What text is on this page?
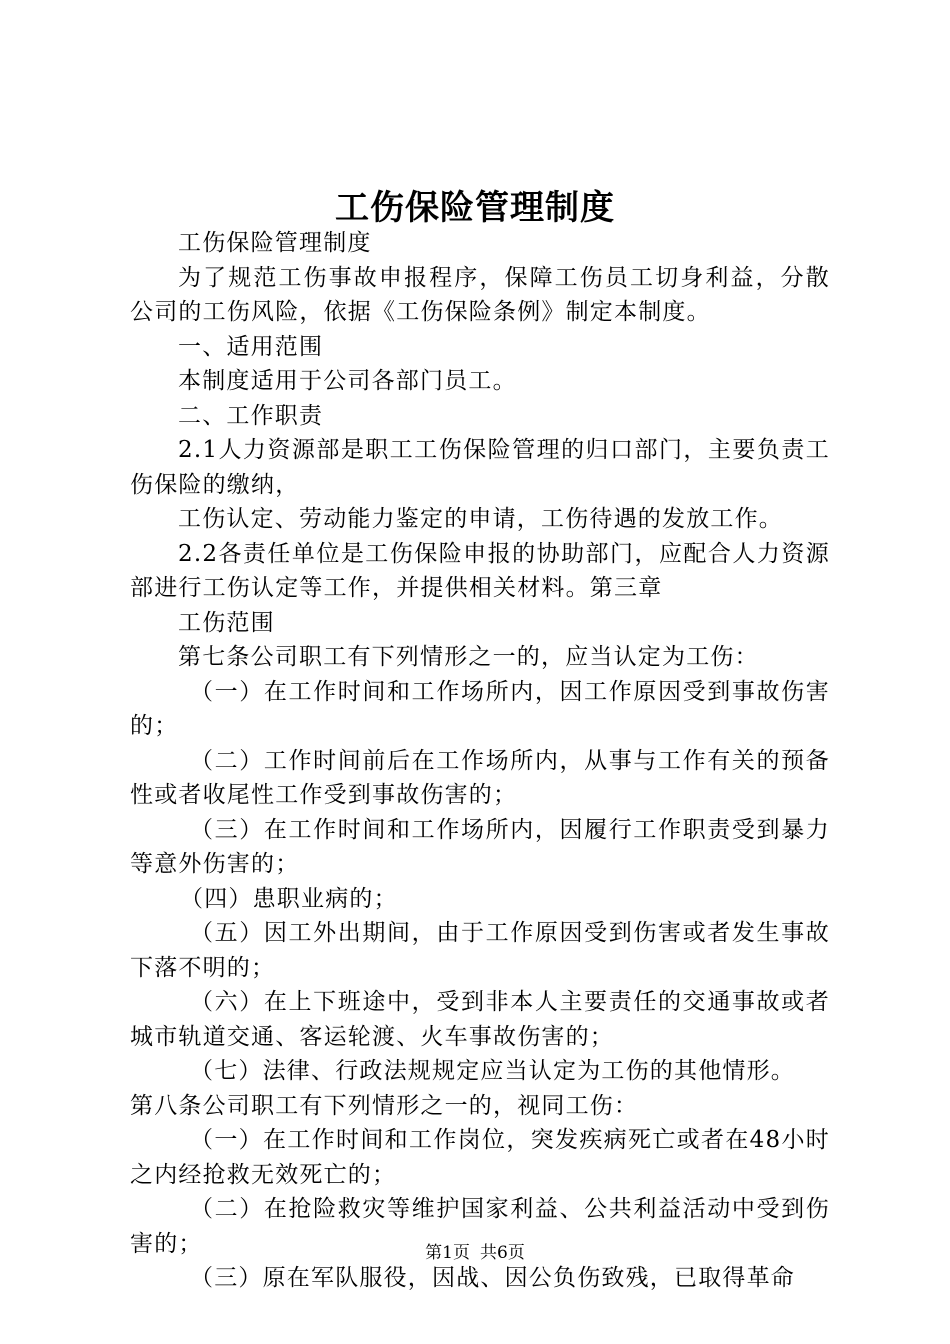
工伤保险管理制度

工伤保险管理制度

为了规范工伤事故申报程序，保障工伤员工切身利益，分散公司的工伤风险，依据《工伤保险条例》制定本制度。

一、适用范围

本制度适用于公司各部门员工。

二、工作职责

2.1人力资源部是职工工伤保险管理的归口部门，主要负责工伤保险的缴纳，

工伤认定、劳动能力鉴定的申请，工伤待遇的发放工作。

2.2各责任单位是工伤保险申报的协助部门，应配合人力资源部进行工伤认定等工作，并提供相关材料。第三章

工伤范围

第七条公司职工有下列情形之一的，应当认定为工伤：

（一）在工作时间和工作场所内，因工作原因受到事故伤害的；

（二）工作时间前后在工作场所内，从事与工作有关的预备性或者收尾性工作受到事故伤害的；

（三）在工作时间和工作场所内，因履行工作职责受到暴力等意外伤害的；

（四）患职业病的；

（五）因工外出期间，由于工作原因受到伤害或者发生事故下落不明的；

（六）在上下班途中，受到非本人主要责任的交通事故或者城市轨道交通、客运轮渡、火车事故伤害的；

（七）法律、行政法规规定应当认定为工伤的其他情形。

第八条公司职工有下列情形之一的，视同工伤：

（一）在工作时间和工作岗位，突发疾病死亡或者在48小时之内经抢救无效死亡的；

（二）在抢险救灾等维护国家利益、公共利益活动中受到伤害的；

（三）原在军队服役，因战、因公负伤致残，已取得革命

第1页 共6页
